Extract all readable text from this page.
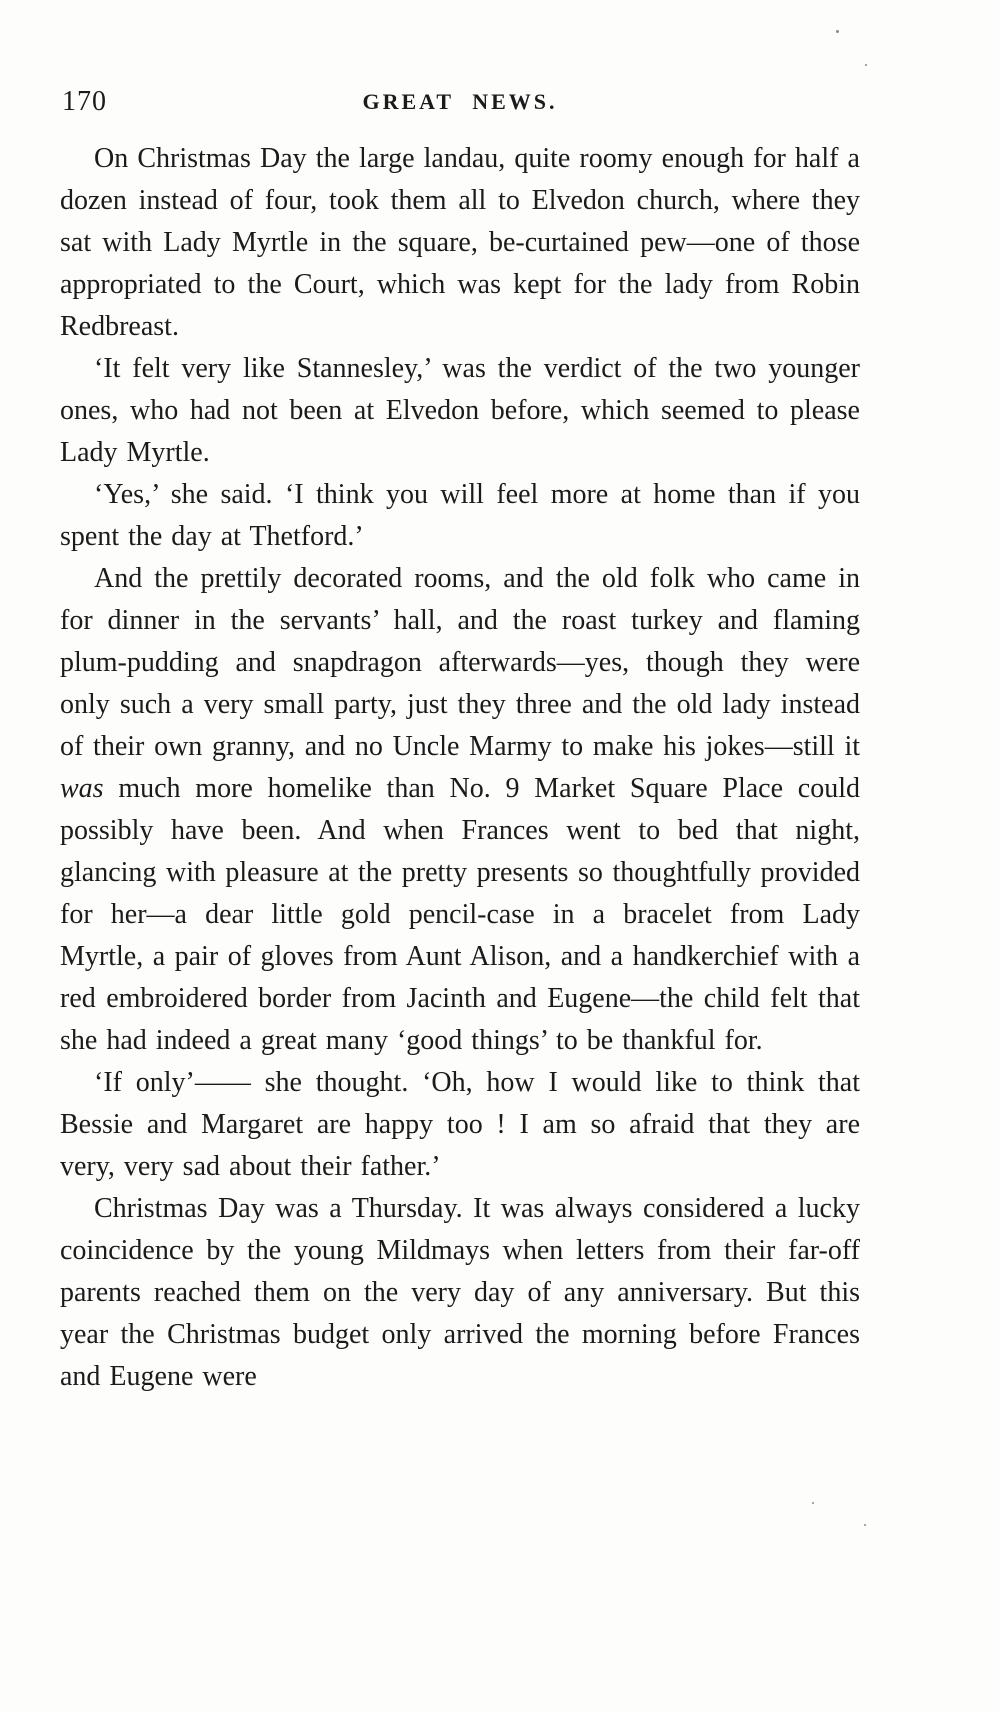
170	GREAT NEWS.

On Christmas Day the large landau, quite roomy enough for half a dozen instead of four, took them all to Elvedon church, where they sat with Lady Myrtle in the square, be-curtained pew—one of those appropriated to the Court, which was kept for the lady from Robin Redbreast.

‘It felt very like Stannesley,’ was the verdict of the two younger ones, who had not been at Elvedon before, which seemed to please Lady Myrtle.

‘Yes,’ she said. ‘I think you will feel more at home than if you spent the day at Thetford.’

And the prettily decorated rooms, and the old folk who came in for dinner in the servants’ hall, and the roast turkey and flaming plum-pudding and snapdragon afterwards—yes, though they were only such a very small party, just they three and the old lady instead of their own granny, and no Uncle Marmy to make his jokes—still it was much more homelike than No. 9 Market Square Place could possibly have been. And when Frances went to bed that night, glancing with pleasure at the pretty presents so thoughtfully provided for her—a dear little gold pencil-case in a bracelet from Lady Myrtle, a pair of gloves from Aunt Alison, and a handkerchief with a red embroidered border from Jacinth and Eugene—the child felt that she had indeed a great many ‘good things’ to be thankful for.

‘If only’—— she thought. ‘Oh, how I would like to think that Bessie and Margaret are happy too ! I am so afraid that they are very, very sad about their father.’

Christmas Day was a Thursday. It was always considered a lucky coincidence by the young Mildmays when letters from their far-off parents reached them on the very day of any anniversary. But this year the Christmas budget only arrived the morning before Frances and Eugene were
